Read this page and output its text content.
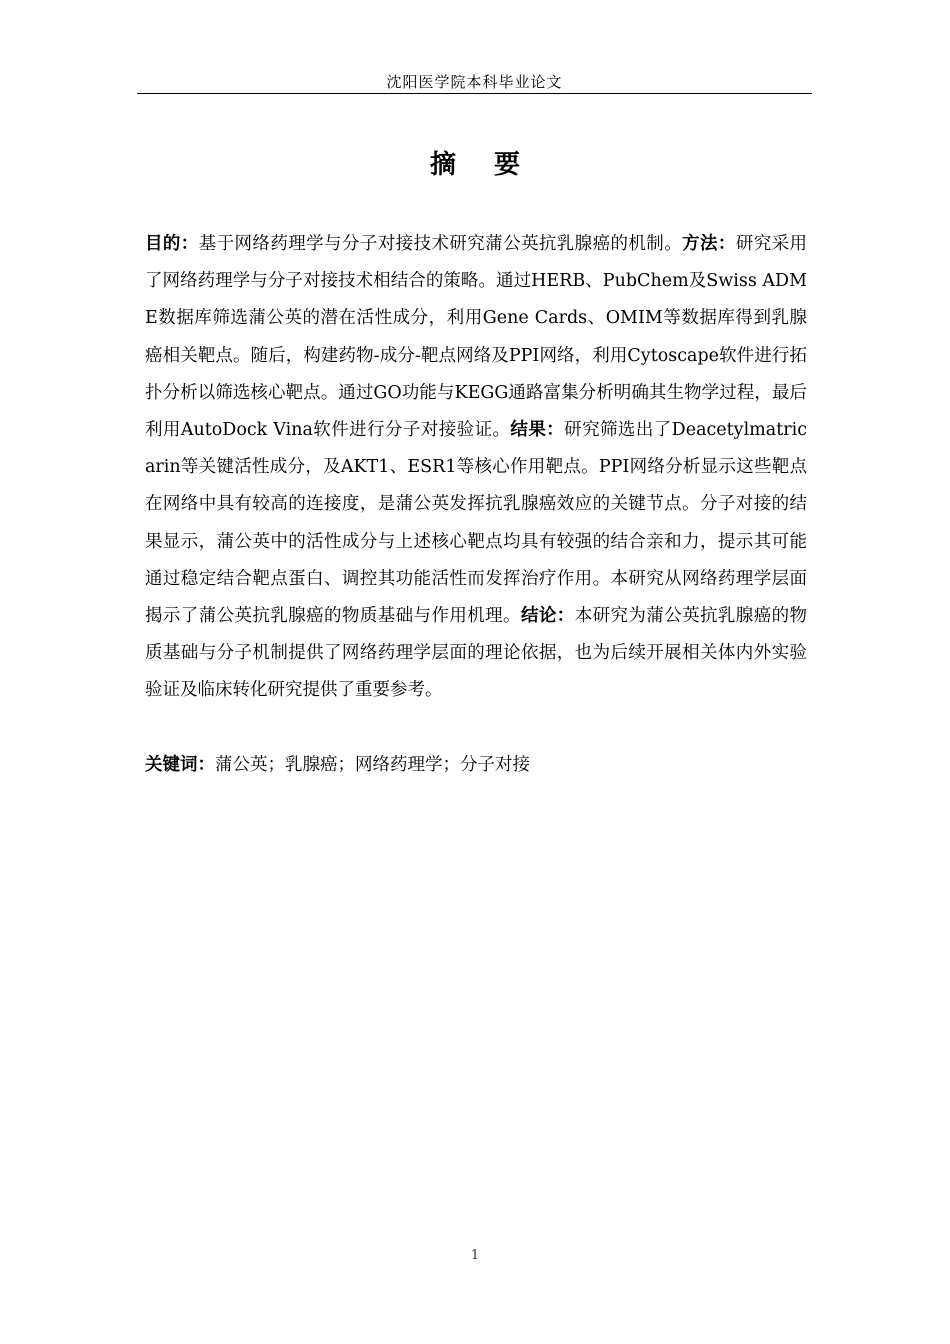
沈阳医学院本科毕业论文
摘 要
目的：基于网络药理学与分子对接技术研究蒲公英抗乳腺癌的机制。方法：研究采用了网络药理学与分子对接技术相结合的策略。通过HERB、PubChem及Swiss ADME数据库筛选蒲公英的潜在活性成分，利用Gene Cards、OMIM等数据库得到乳腺癌相关靶点。随后，构建药物-成分-靶点网络及PPI网络，利用Cytoscape软件进行拓扑分析以筛选核心靶点。通过GO功能与KEGG通路富集分析明确其生物学过程，最后利用AutoDock Vina软件进行分子对接验证。结果：研究筛选出了Deacetylmatricarin等关键活性成分，及AKT1、ESR1等核心作用靶点。PPI网络分析显示这些靶点在网络中具有较高的连接度，是蒲公英发挥抗乳腺癌效应的关键节点。分子对接的结果显示，蒲公英中的活性成分与上述核心靶点均具有较强的结合亲和力，提示其可能通过稳定结合靶点蛋白、调控其功能活性而发挥治疗作用。本研究从网络药理学层面揭示了蒲公英抗乳腺癌的物质基础与作用机理。结论：本研究为蒲公英抗乳腺癌的物质基础与分子机制提供了网络药理学层面的理论依据，也为后续开展相关体内外实验验证及临床转化研究提供了重要参考。
关键词：蒲公英；乳腺癌；网络药理学；分子对接
1
